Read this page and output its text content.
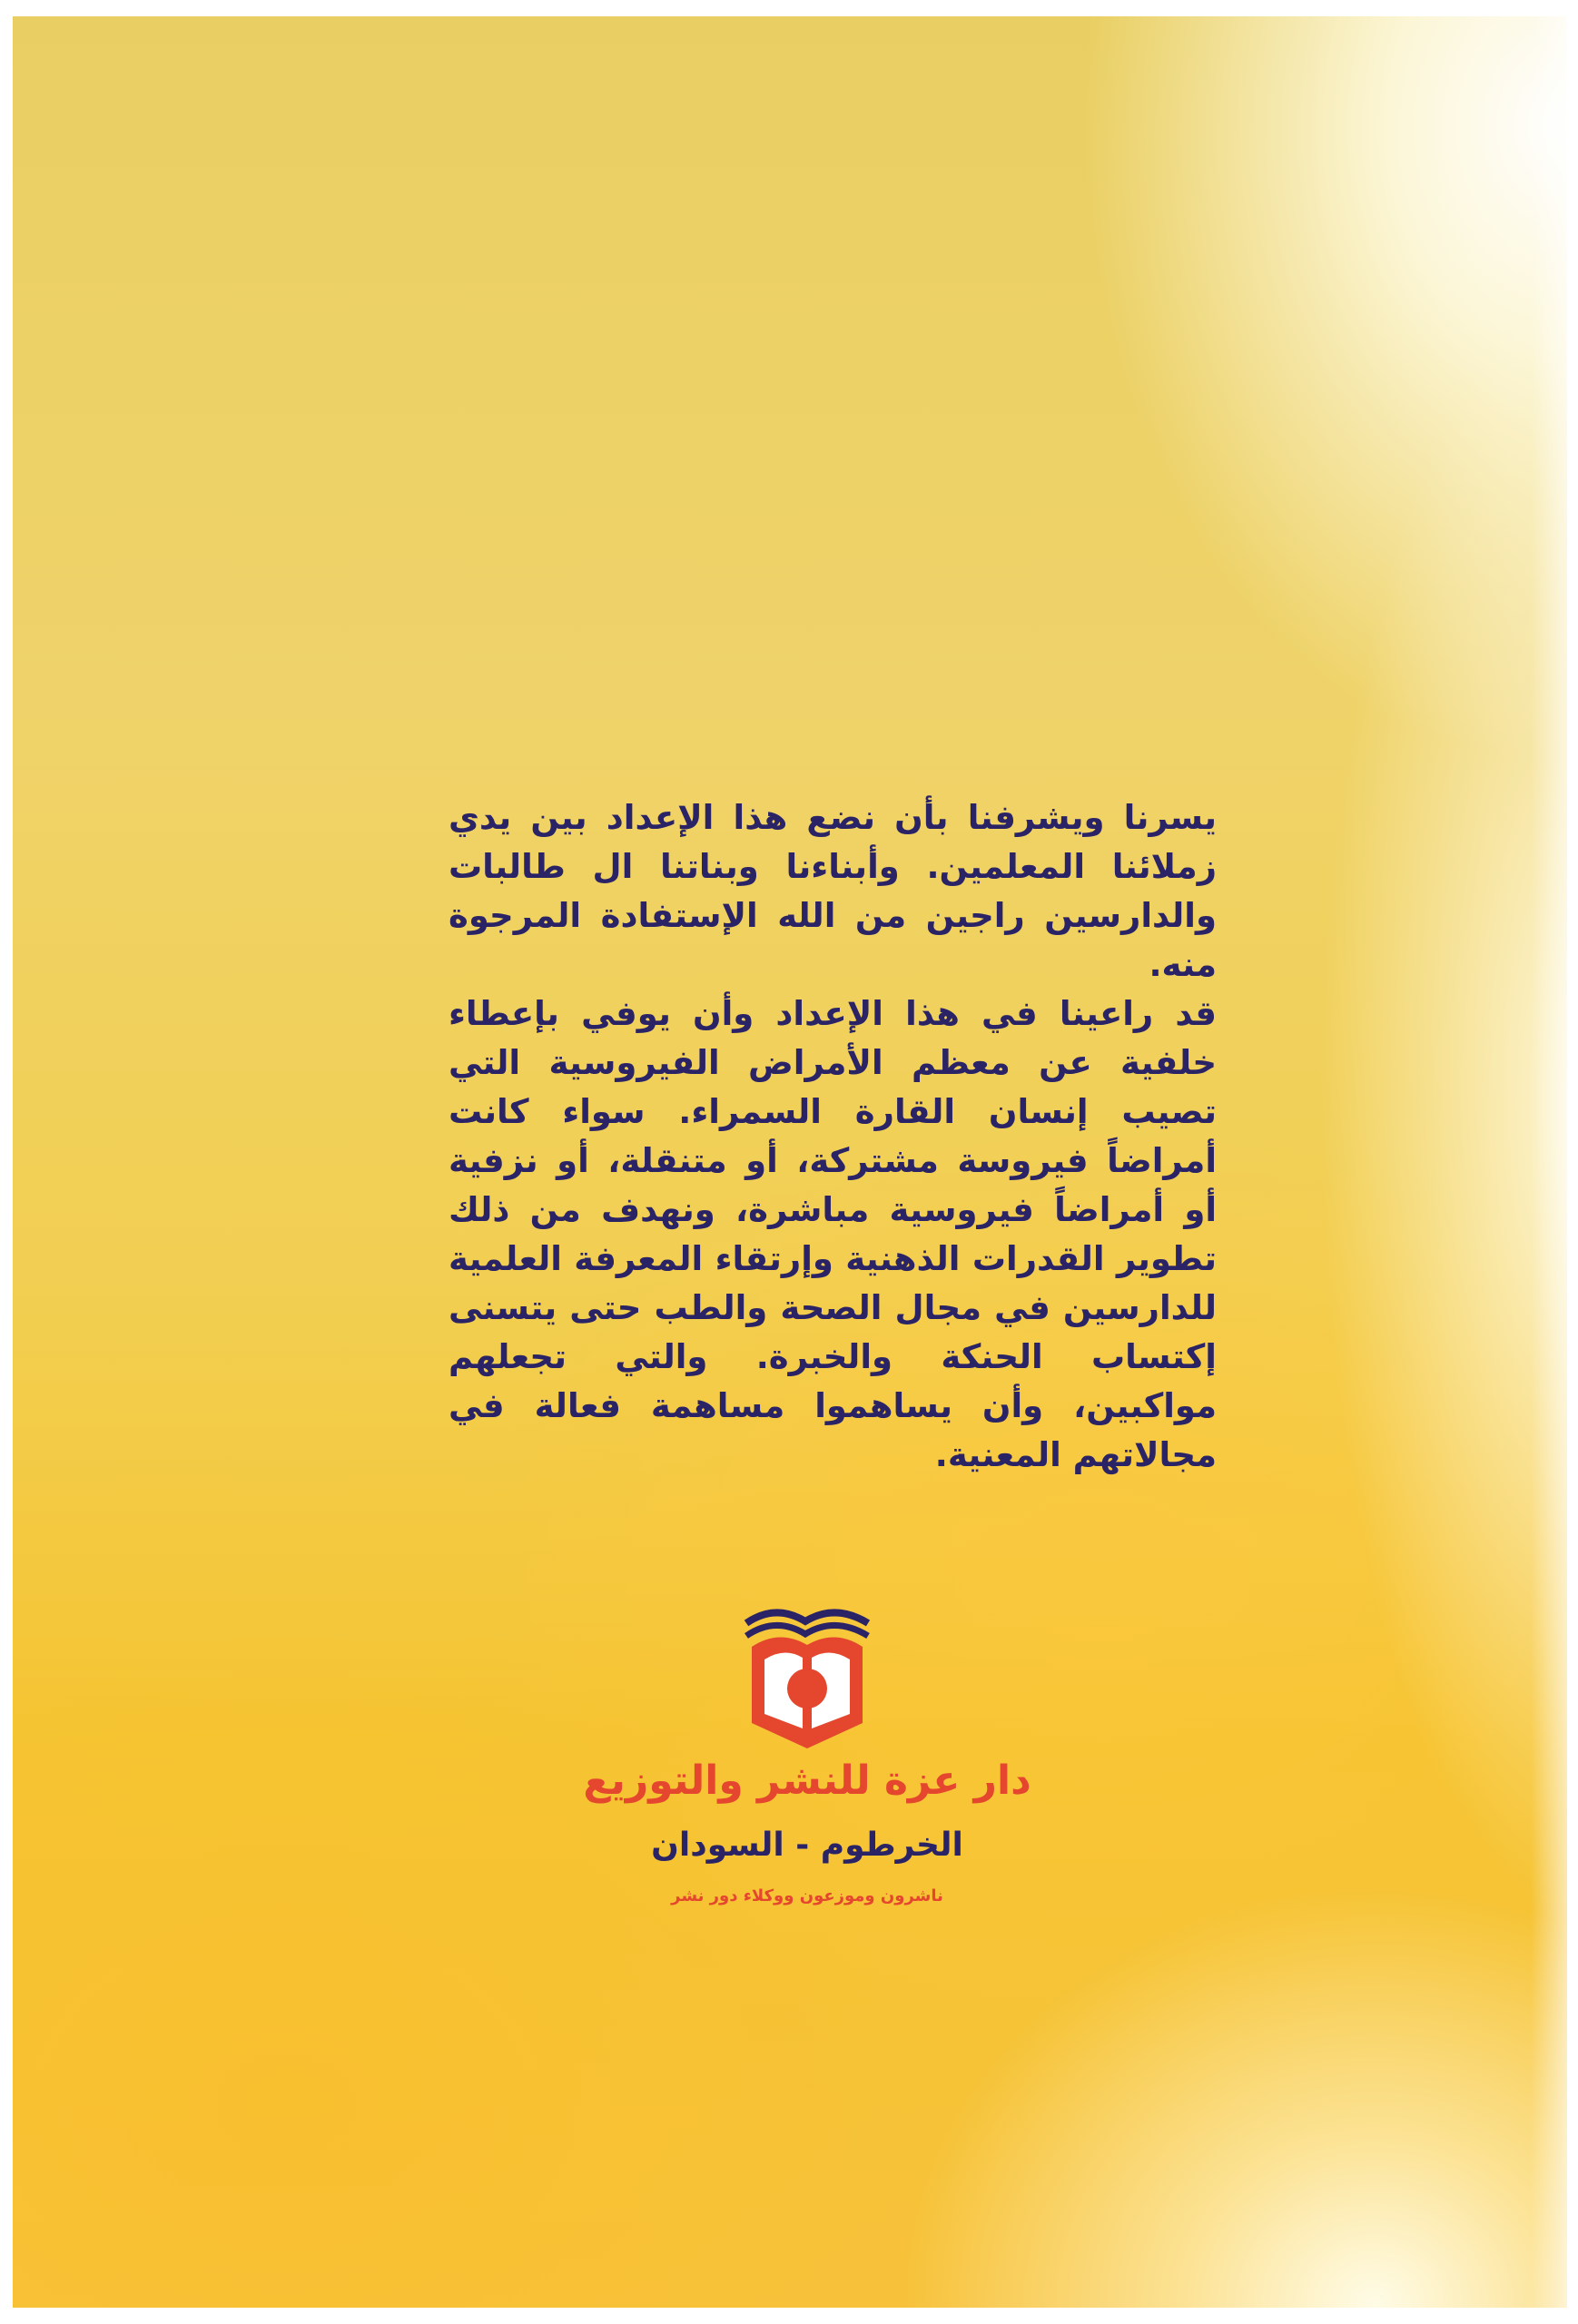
يسرنا ويشرفنا بأن نضع هذا الإعداد بين يدي زملائنا المعلمين. وأبناءنا وبناتنا ال طالبات والدارسين راجين من الله الإستفادة المرجوة منه.

قد راعينا في هذا الإعداد وأن يوفي بإعطاء خلفية عن معظم الأمراض الفيروسية التي تصيب إنسان القارة السمراء. سواء كانت أمراضاً فيروسة مشتركة، أو متنقلة، أو نزفية أو أمراضاً فيروسية مباشرة، ونهدف من ذلك تطوير القدرات الذهنية وإرتقاء المعرفة العلمية للدارسين في مجال الصحة والطب حتى يتسنى إكتساب الحنكة والخبرة. والتي تجعلهم مواكبين، وأن يساهموا مساهمة فعالة في مجالاتهم المعنية.

دار عزة للنشر والتوزيع
الخرطوم - السودان
ناشرون وموزعون ووكلاء دور نشر
